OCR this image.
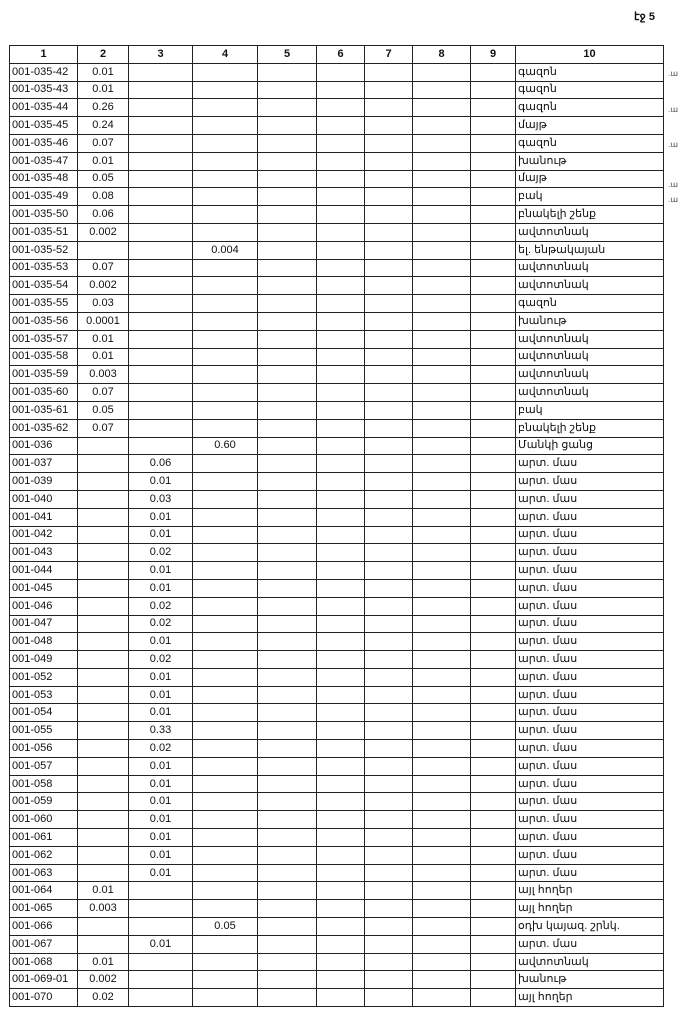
էջ 5
1	2	3	4	5	6	7	8	9	10
001-035-42	0.01								գազոն
001-035-43	0.01								գազոն
001-035-44	0.26								գազոն
001-035-45	0.24								մայթ
001-035-46	0.07								գազոն
001-035-47	0.01								խանութ
001-035-48	0.05								մայթ
001-035-49	0.08								բակ
001-035-50	0.06								բնակելի շենք
001-035-51	0.002								ավտոտնակ
001-035-52			0.004						ել. ենթակայան
001-035-53	0.07								ավտոտնակ
001-035-54	0.002								ավտոտնակ
001-035-55	0.03								գազոն
001-035-56	0.0001								խանութ
001-035-57	0.01								ավտոտնակ
001-035-58	0.01								ավտոտնակ
001-035-59	0.003								ավտոտնակ
001-035-60	0.07								ավտոտնակ
001-035-61	0.05								բակ
001-035-62	0.07								բնակելի շենք
001-036			0.60						Մանկի ցանց
001-037		0.06							արտ. մաս
001-039		0.01							արտ. մաս
001-040		0.03							արտ. մաս
001-041		0.01							արտ. մաս
001-042		0.01							արտ. մաս
001-043		0.02							արտ. մաս
001-044		0.01							արտ. մաս
001-045		0.01							արտ. մաս
001-046		0.02							արտ. մաս
001-047		0.02							արտ. մաս
001-048		0.01							արտ. մաս
001-049		0.02							արտ. մաս
001-052		0.01							արտ. մաս
001-053		0.01							արտ. մաս
001-054		0.01							արտ. մաս
001-055		0.33							արտ. մաս
001-056		0.02							արտ. մաս
001-057		0.01							արտ. մաս
001-058		0.01							արտ. մաս
001-059		0.01							արտ. մաս
001-060		0.01							արտ. մաս
001-061		0.01							արտ. մաս
001-062		0.01							արտ. մաս
001-063		0.01							արտ. մաս
001-064	0.01								այլ հողեր
001-065	0.003								այլ հողեր
001-066			0.05						օդխ կայազ. շրնկ.
001-067		0.01							արտ. մաս
001-068	0.01								ավտոտնակ
001-069-01	0.002								խանութ
001-070	0.02								այլ հողեր
.ա
.ա
.ա
.ա
.ա
